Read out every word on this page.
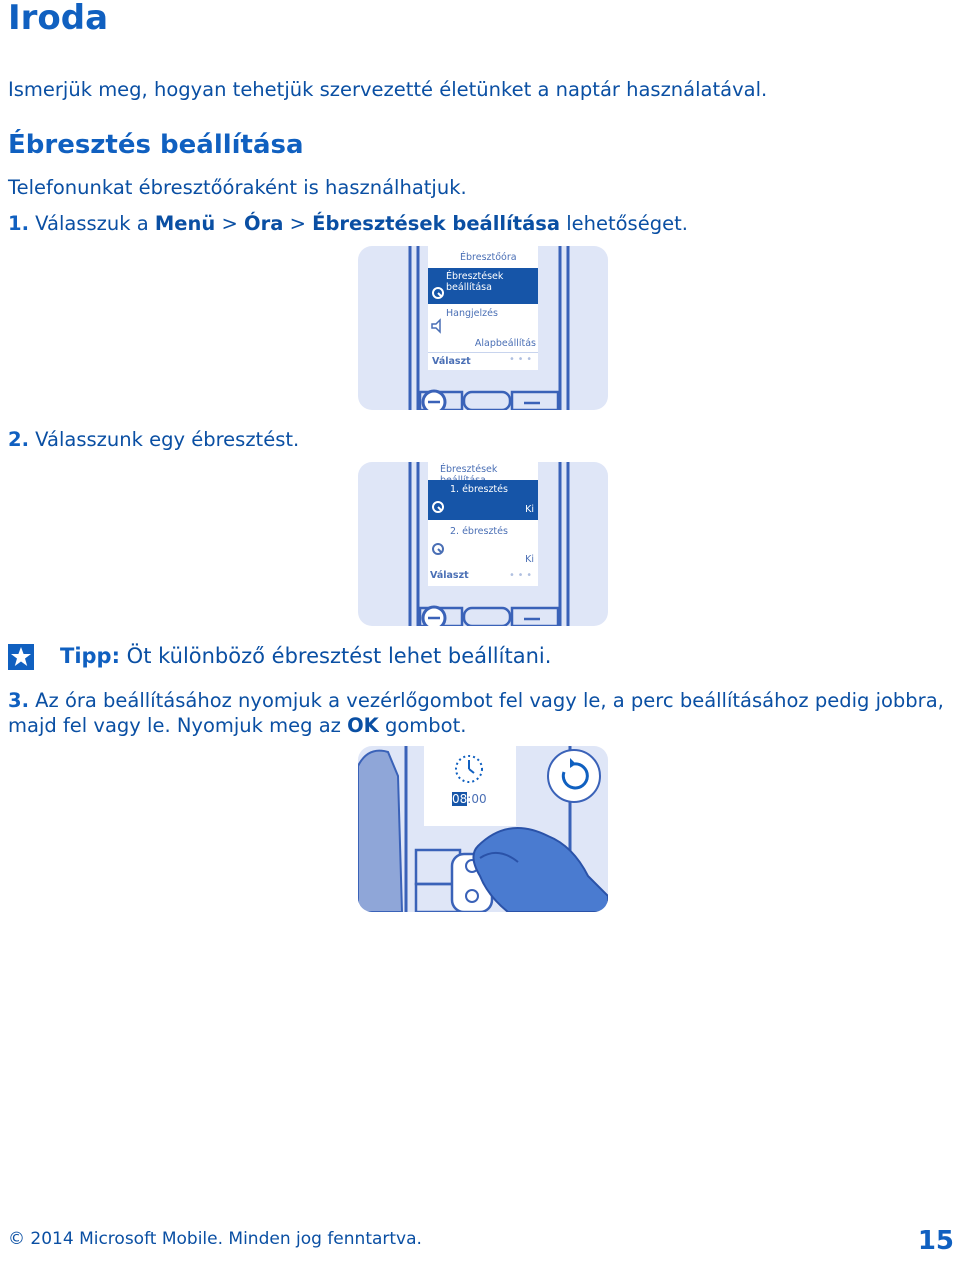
Iroda
Ismerjük meg, hogyan tehetjük szervezetté életünket a naptár használatával.
Ébresztés beállítása
Telefonunkat ébresztőóraként is használhatjuk.
1. Válasszuk a Menü > Óra > Ébresztések beállítása lehetőséget.
Ébresztőóra
Ébresztések beállítása
Hangjelzés
Alapbeállítás
Választ	• • •
2. Válasszunk egy ébresztést.
Ébresztések
1. ébresztés
Ki
2. ébresztés
Ki
Választ	• • •
Tipp: Öt különböző ébresztést lehet beállítani.
3. Az óra beállításához nyomjuk a vezérlőgombot fel vagy le, a perc beállításához pedig jobbra, majd fel vagy le. Nyomjuk meg az OK gombot.
08:00
© 2014 Microsoft Mobile. Minden jog fenntartva.	15
